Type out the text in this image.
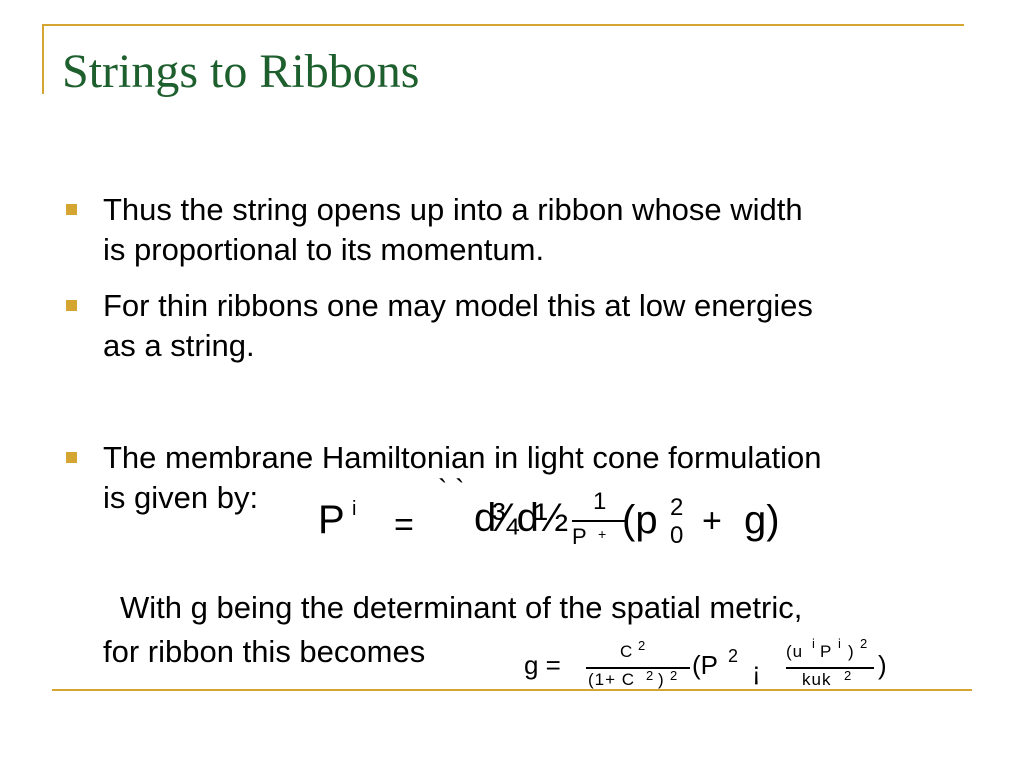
Strings to Ribbons
Thus the string opens up into a ribbon whose width
is proportional to its momentum.
For thin ribbons one may model this at low energies
as a string.
The membrane Hamiltonian in light cone formulation
is given by:
P i =
` `
d³⁄₄d½ 1
P + (p 2
0 + g)
With g being the determinant of the spatial metric,
for ribbon this becomes	g =	C 2
(1+ C 2 ) 2 (P 2 ¡
(u i P i ) 2
kuk 2 )
